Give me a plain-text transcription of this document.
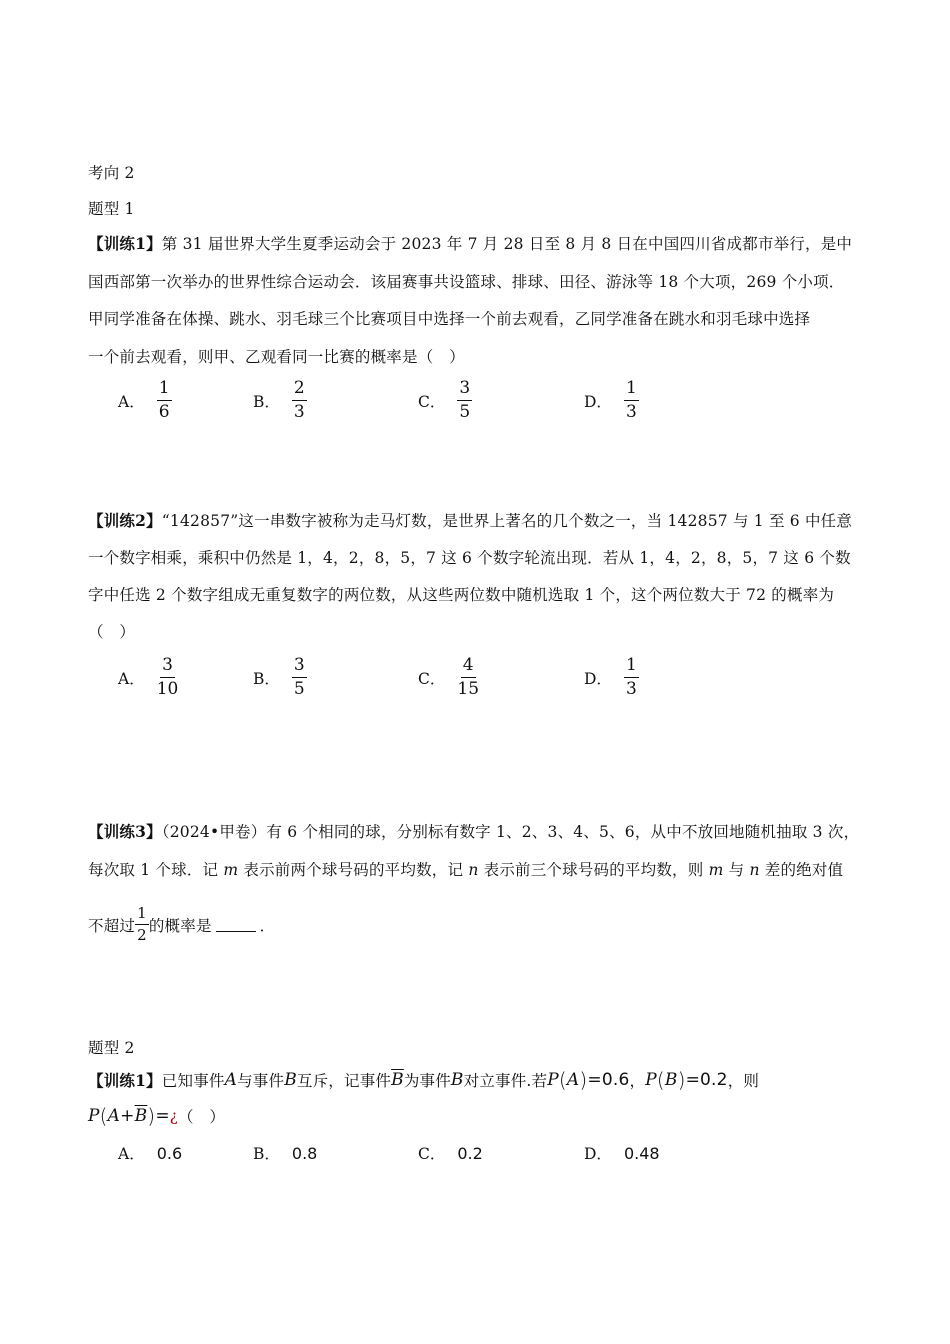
考向 2
题型 1
【训练1】第 31 届世界大学生夏季运动会于 2023 年 7 月 28 日至 8 月 8 日在中国四川省成都市举行，是中
国西部第一次举办的世界性综合运动会．该届赛事共设篮球、排球、田径、游泳等 18 个大项，269 个小项．
甲同学准备在体操、跳水、羽毛球三个比赛项目中选择一个前去观看，乙同学准备在跳水和羽毛球中选择
一个前去观看，则甲、乙观看同一比赛的概率是（　）
A． $\frac{1}{6}$	B． $\frac{2}{3}$	C． $\frac{3}{5}$	D． $\frac{1}{3}$
【训练2】“142857”这一串数字被称为走马灯数，是世界上著名的几个数之一，当 142857 与 1 至 6 中任意
一个数字相乘，乘积中仍然是 1，4，2，8，5，7 这 6 个数字轮流出现．若从 1，4，2，8，5，7 这 6 个数
字中任选 2 个数字组成无重复数字的两位数，从这些两位数中随机选取 1 个，这个两位数大于 72 的概率为
（　）
A． $\frac{3}{10}$	B． $\frac{3}{5}$	C． $\frac{4}{15}$	D． $\frac{1}{3}$
【训练3】（2024•甲卷）有 6 个相同的球，分别标有数字 1、2、3、4、5、6，从中不放回地随机抽取 3 次，
每次取 1 个球．记 m 表示前两个球号码的平均数，记 n 表示前三个球号码的平均数，则 m 与 n 差的绝对值
不超过 $\frac{1}{2}$ 的概率是	．
题型 2
【训练1】 已知事件 A 与事件 B 互斥，记事件 $\overline{B}$ 为事件 B 对立事件.若 P ( A ) =0.6 ， P ( B ) =0.2 ，则
P ( $A + \overline{B}$ ) = ¿ （　）
A． 0.6	B． 0.8	C． 0.2	D． 0.48
